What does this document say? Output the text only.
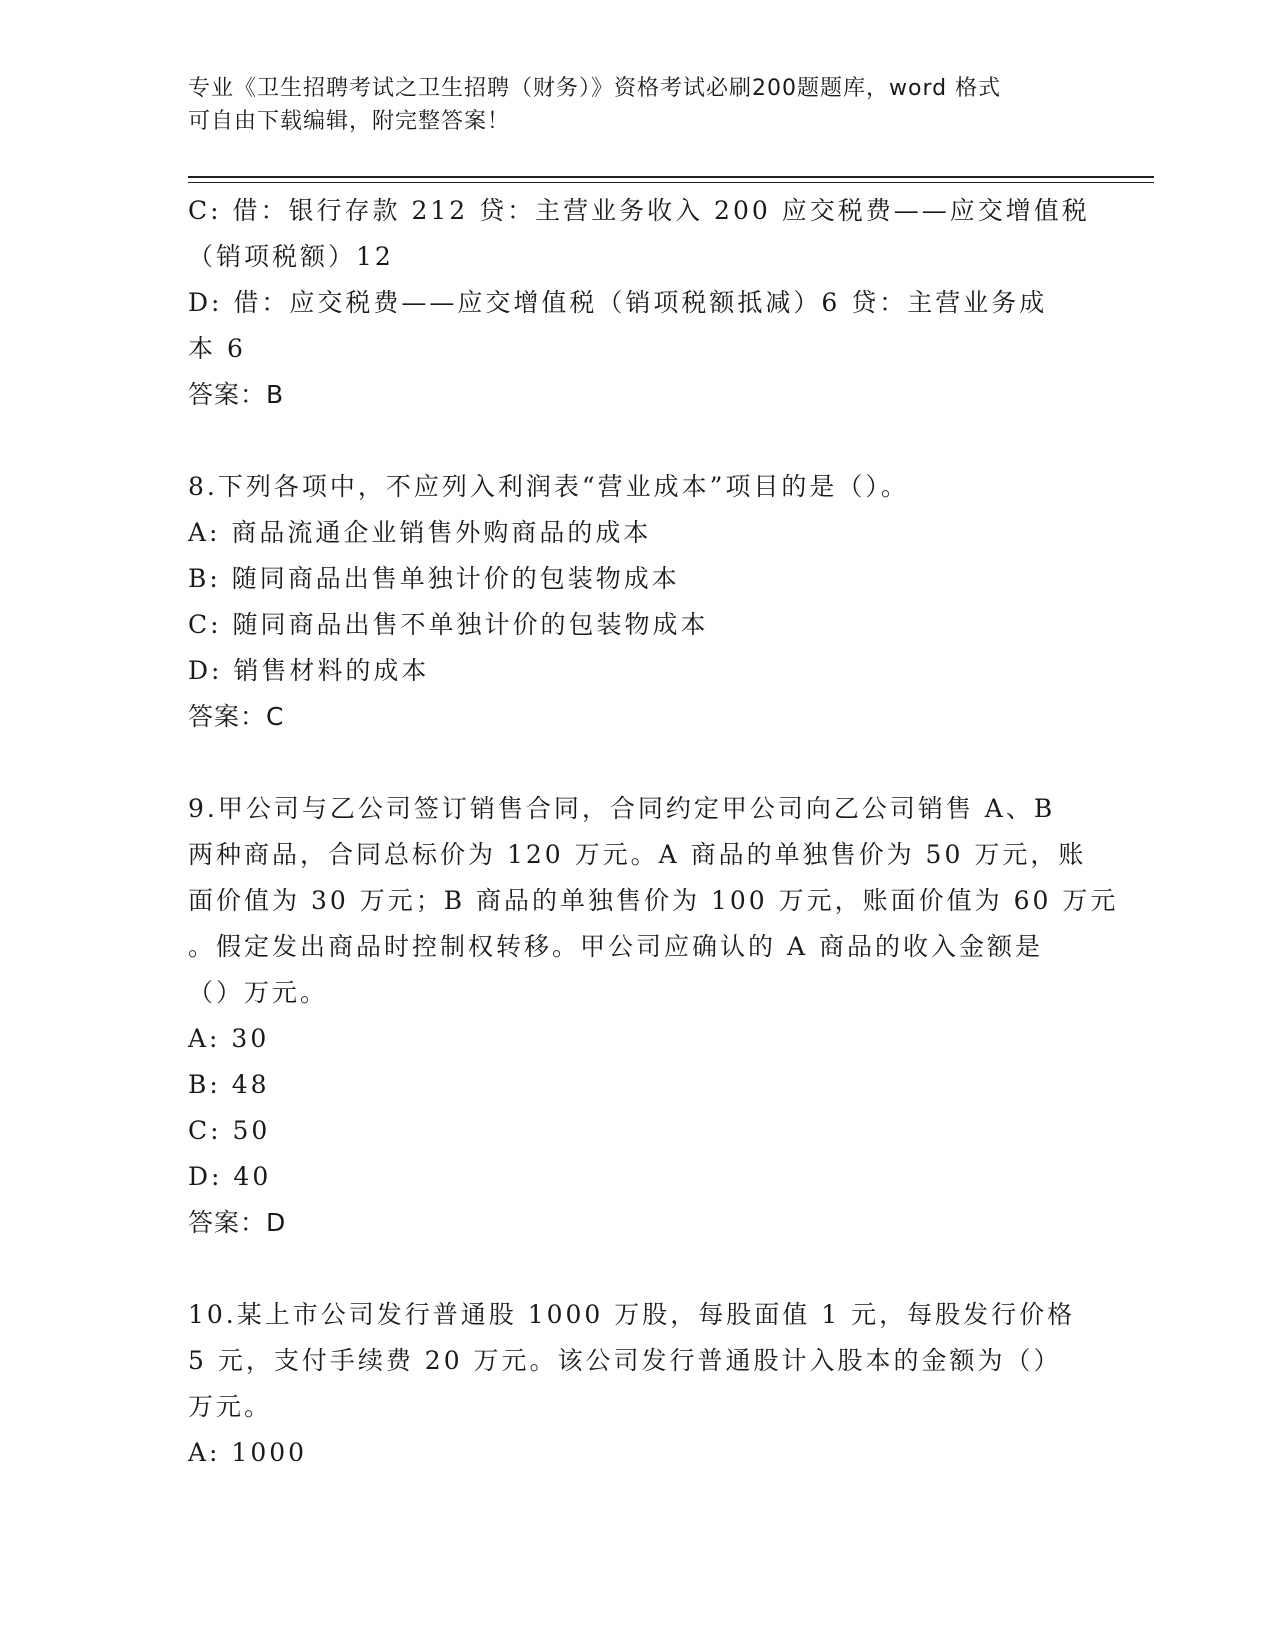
专业《卫生招聘考试之卫生招聘（财务）》资格考试必刷200题题库，word 格式
可自由下载编辑，附完整答案！
C: 借：银行存款 212 贷：主营业务收入 200 应交税费——应交增值税
（销项税额）12
D: 借：应交税费——应交增值税（销项税额抵减）6 贷：主营业务成
本 6
答案：B
8.下列各项中，不应列入利润表“营业成本”项目的是（）。
A: 商品流通企业销售外购商品的成本
B: 随同商品出售单独计价的包装物成本
C: 随同商品出售不单独计价的包装物成本
D: 销售材料的成本
答案：C
9.甲公司与乙公司签订销售合同，合同约定甲公司向乙公司销售 A、B
两种商品，合同总标价为 120 万元。A 商品的单独售价为 50 万元，账
面价值为 30 万元；B 商品的单独售价为 100 万元，账面价值为 60 万元
。假定发出商品时控制权转移。甲公司应确认的 A 商品的收入金额是
（）万元。
A: 30
B: 48
C: 50
D: 40
答案：D
10.某上市公司发行普通股 1000 万股，每股面值 1 元，每股发行价格
5 元，支付手续费 20 万元。该公司发行普通股计入股本的金额为（）
万元。
A: 1000
